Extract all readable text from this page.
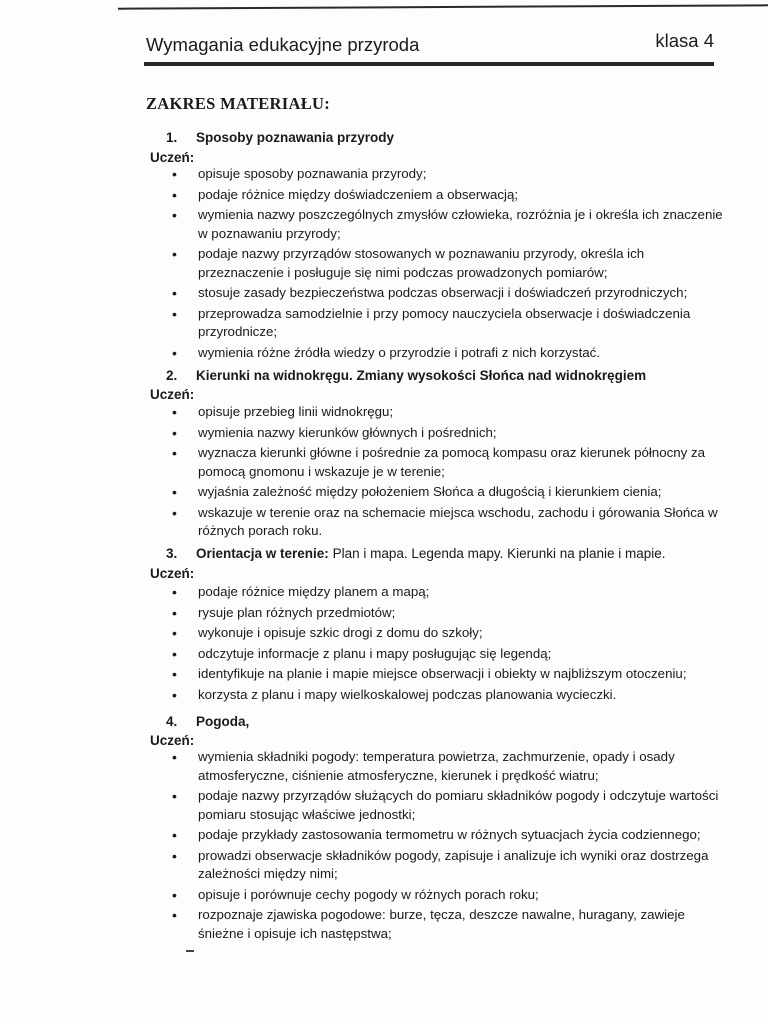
Wymagania edukacyjne przyroda	klasa 4
ZAKRES MATERIAŁU:
1. Sposoby poznawania przyrody
Uczeń:
• opisuje sposoby poznawania przyrody;
• podaje różnice między doświadczeniem a obserwacją;
• wymienia nazwy poszczególnych zmysłów człowieka, rozróżnia je i określa ich znaczenie w poznawaniu przyrody;
• podaje nazwy przyrządów stosowanych w poznawaniu przyrody, określa ich przeznaczenie i posługuje się nimi podczas prowadzonych pomiarów;
• stosuje zasady bezpieczeństwa podczas obserwacji i doświadczeń przyrodniczych;
• przeprowadza samodzielnie i przy pomocy nauczyciela obserwacje i doświadczenia przyrodnicze;
• wymienia różne źródła wiedzy o przyrodzie i potrafi z nich korzystać.
2. Kierunki na widnokręgu. Zmiany wysokości Słońca nad widnokręgiem
Uczeń:
• opisuje przebieg linii widnokręgu;
• wymienia nazwy kierunków głównych i pośrednich;
• wyznacza kierunki główne i pośrednie za pomocą kompasu oraz kierunek północny za pomocą gnomonu i wskazuje je w terenie;
• wyjaśnia zależność między położeniem Słońca a długością i kierunkiem cienia;
• wskazuje w terenie oraz na schemacie miejsca wschodu, zachodu i górowania Słońca w różnych porach roku.
3. Orientacja w terenie: Plan i mapa. Legenda mapy. Kierunki na planie i mapie.
Uczeń:
• podaje różnice między planem a mapą;
• rysuje plan różnych przedmiotów;
• wykonuje i opisuje szkic drogi z domu do szkoły;
• odczytuje informacje z planu i mapy posługując się legendą;
• identyfikuje na planie i mapie miejsce obserwacji i obiekty w najbliższym otoczeniu;
• korzysta z planu i mapy wielkoskalowej podczas planowania wycieczki.
4. Pogoda,
Uczeń:
• wymienia składniki pogody: temperatura powietrza, zachmurzenie, opady i osady atmosferyczne, ciśnienie atmosferyczne, kierunek i prędkość wiatru;
• podaje nazwy przyrządów służących do pomiaru składników pogody i odczytuje wartości pomiaru stosując właściwe jednostki;
• podaje przykłady zastosowania termometru w różnych sytuacjach życia codziennego;
• prowadzi obserwacje składników pogody, zapisuje i analizuje ich wyniki oraz dostrzega zależności między nimi;
• opisuje i porównuje cechy pogody w różnych porach roku;
• rozpoznaje zjawiska pogodowe: burze, tęcza, deszcze nawalne, huragany, zawieje śnieżne i opisuje ich następstwa;
